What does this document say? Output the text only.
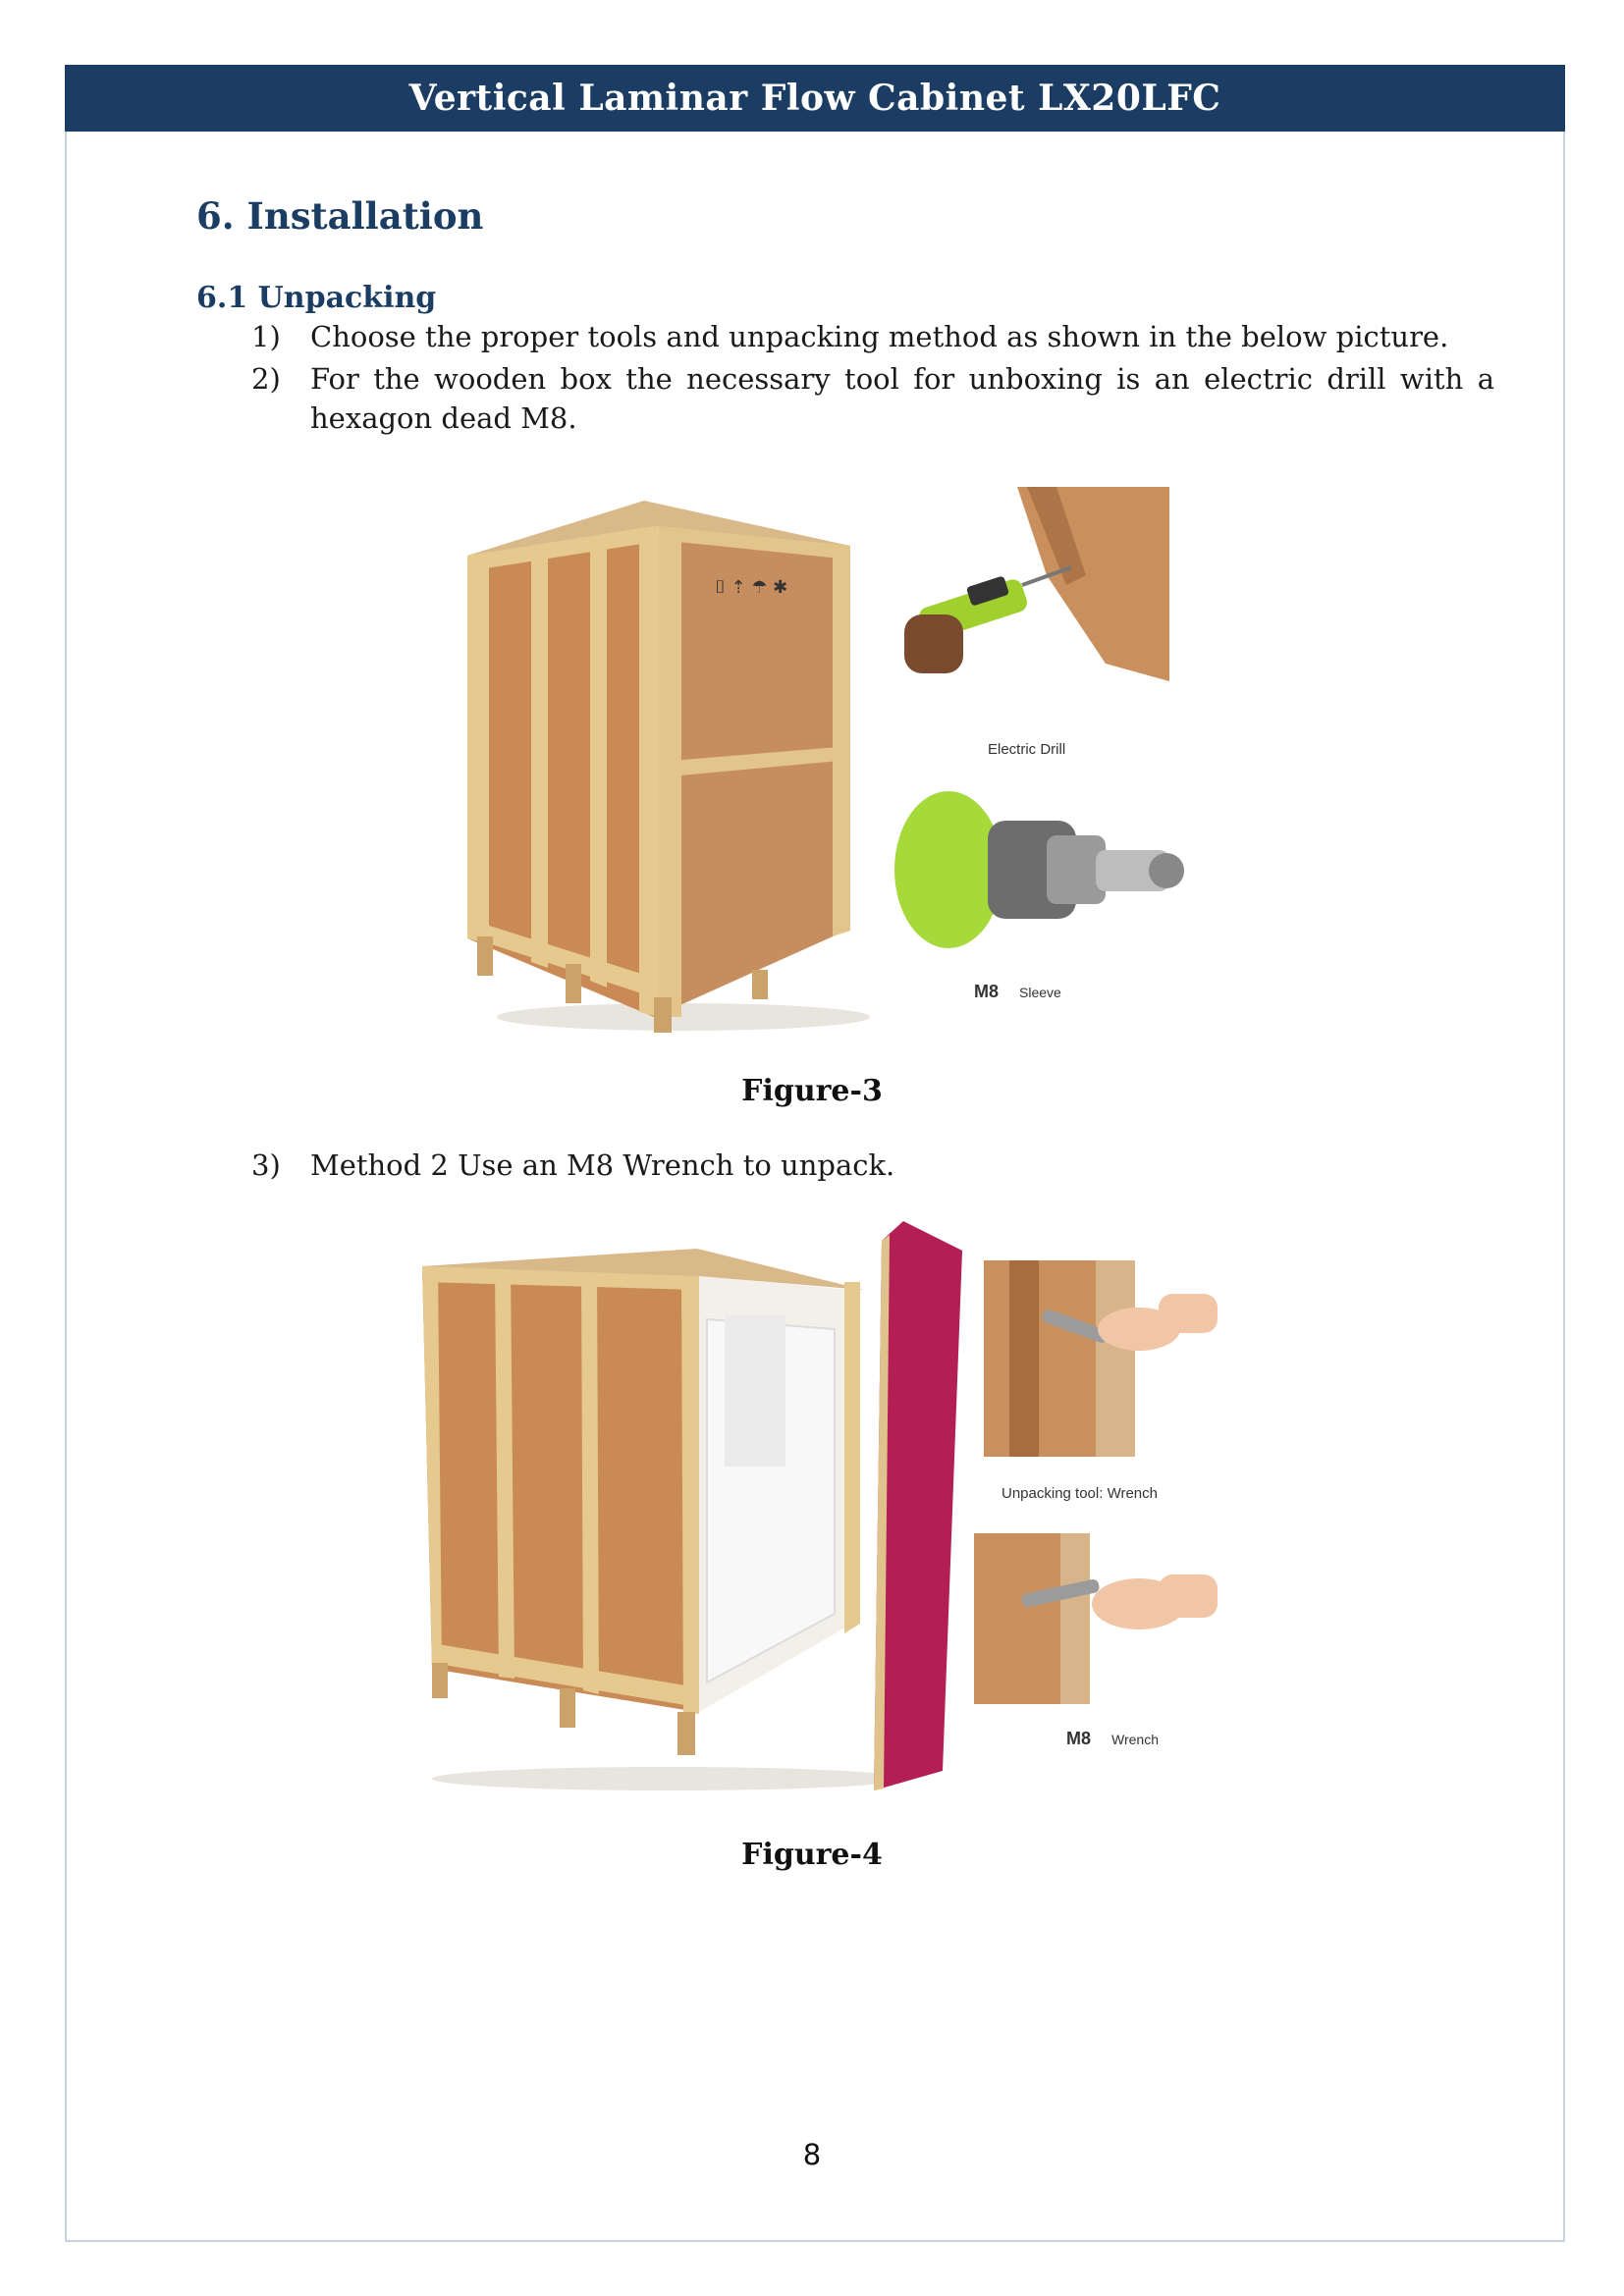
Vertical Laminar Flow Cabinet LX20LFC
6. Installation
6.1 Unpacking
1)	Choose the proper tools and unpacking method as shown in the below picture.
2)	For the wooden box the necessary tool for unboxing is an electric drill with a hexagon dead M8.
⌷ ⇡ ☂ ✱
Electric Drill
M8 Sleeve
Figure-3
3)	Method 2 Use an M8 Wrench to unpack.
Unpacking tool: Wrench
M8 Wrench
Figure-4
8
